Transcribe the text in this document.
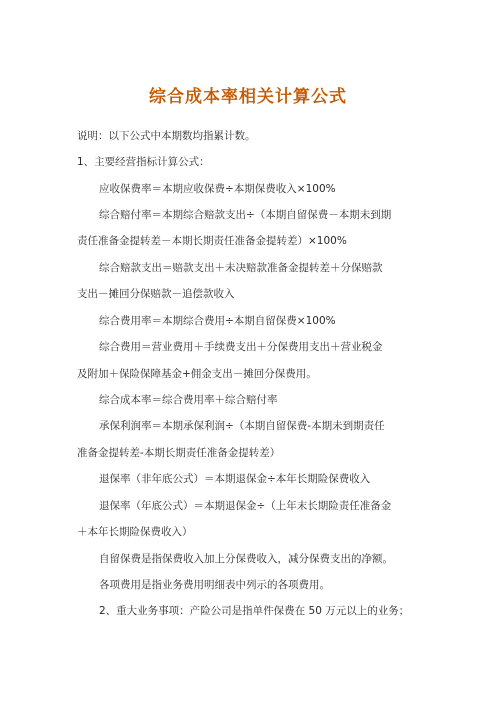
综合成本率相关计算公式
说明：以下公式中本期数均指累计数。
1、主要经营指标计算公式：
应收保费率＝本期应收保费÷本期保费收入×100%
综合赔付率＝本期综合赔款支出÷（本期自留保费－本期未到期
责任准备金提转差－本期长期责任准备金提转差）×100%
综合赔款支出＝赔款支出＋未决赔款准备金提转差＋分保赔款
支出－摊回分保赔款－追偿款收入
综合费用率＝本期综合费用÷本期自留保费×100%
综合费用＝营业费用＋手续费支出＋分保费用支出＋营业税金
及附加＋保险保障基金+佣金支出－摊回分保费用。
综合成本率＝综合费用率＋综合赔付率
承保利润率＝本期承保利润÷（本期自留保费-本期未到期责任
准备金提转差-本期长期责任准备金提转差）
退保率（非年底公式）＝本期退保金÷本年长期险保费收入
退保率（年底公式）＝本期退保金÷（上年末长期险责任准备金
＋本年长期险保费收入）
自留保费是指保费收入加上分保费收入，减分保费支出的净额。
各项费用是指业务费用明细表中列示的各项费用。
2、重大业务事项：产险公司是指单件保费在 50 万元以上的业务；
